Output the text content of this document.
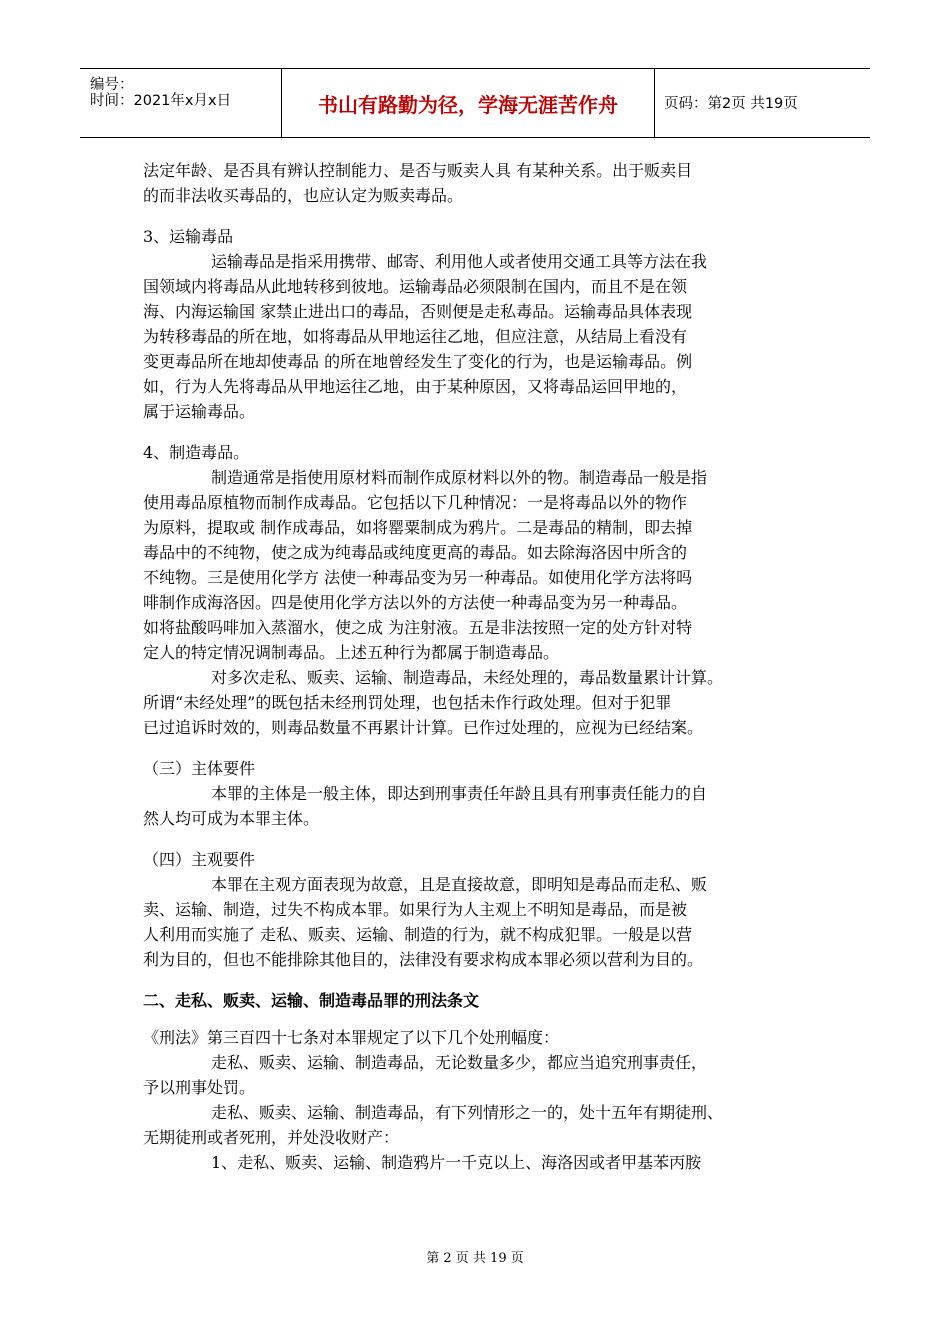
编号：
时间：2021年x月x日	书山有路勤为径，学海无涯苦作舟	页码：第2页 共19页

法定年龄、是否具有辨认控制能力、是否与贩卖人具 有某种关系。出于贩卖目

的而非法收买毒品的，也应认定为贩卖毒品。

3、运输毒品

运输毒品是指采用携带、邮寄、利用他人或者使用交通工具等方法在我

国领域内将毒品从此地转移到彼地。运输毒品必须限制在国内，而且不是在领

海、内海运输国 家禁止进出口的毒品，否则便是走私毒品。运输毒品具体表现

为转移毒品的所在地，如将毒品从甲地运往乙地，但应注意，从结局上看没有

变更毒品所在地却使毒品 的所在地曾经发生了变化的行为，也是运输毒品。例

如，行为人先将毒品从甲地运往乙地，由于某种原因，又将毒品运回甲地的，

属于运输毒品。

4、制造毒品。

制造通常是指使用原材料而制作成原材料以外的物。制造毒品一般是指

使用毒品原植物而制作成毒品。它包括以下几种情况：一是将毒品以外的物作

为原料，提取或 制作成毒品，如将罂粟制成为鸦片。二是毒品的精制，即去掉

毒品中的不纯物，使之成为纯毒品或纯度更高的毒品。如去除海洛因中所含的

不纯物。三是使用化学方 法使一种毒品变为另一种毒品。如使用化学方法将吗

啡制作成海洛因。四是使用化学方法以外的方法使一种毒品变为另一种毒品。

如将盐酸吗啡加入蒸溜水，使之成 为注射液。五是非法按照一定的处方针对特

定人的特定情况调制毒品。上述五种行为都属于制造毒品。

对多次走私、贩卖、运输、制造毒品，未经处理的，毒品数量累计计算。

所谓“未经处理”的既包括未经刑罚处理，也包括未作行政处理。但对于犯罪

已过追诉时效的，则毒品数量不再累计计算。已作过处理的，应视为已经结案。

（三）主体要件

本罪的主体是一般主体，即达到刑事责任年龄且具有刑事责任能力的自

然人均可成为本罪主体。

（四）主观要件

本罪在主观方面表现为故意，且是直接故意，即明知是毒品而走私、贩

卖、运输、制造，过失不构成本罪。如果行为人主观上不明知是毒品，而是被

人利用而实施了 走私、贩卖、运输、制造的行为，就不构成犯罪。一般是以营

利为目的，但也不能排除其他目的，法律没有要求构成本罪必须以营利为目的。

二、走私、贩卖、运输、制造毒品罪的刑法条文

《刑法》第三百四十七条对本罪规定了以下几个处刑幅度：

走私、贩卖、运输、制造毒品，无论数量多少，都应当追究刑事责任，

予以刑事处罚。

走私、贩卖、运输、制造毒品，有下列情形之一的，处十五年有期徒刑、

无期徒刑或者死刑，并处没收财产：

1、走私、贩卖、运输、制造鸦片一千克以上、海洛因或者甲基苯丙胺

第 2 页 共 19 页
